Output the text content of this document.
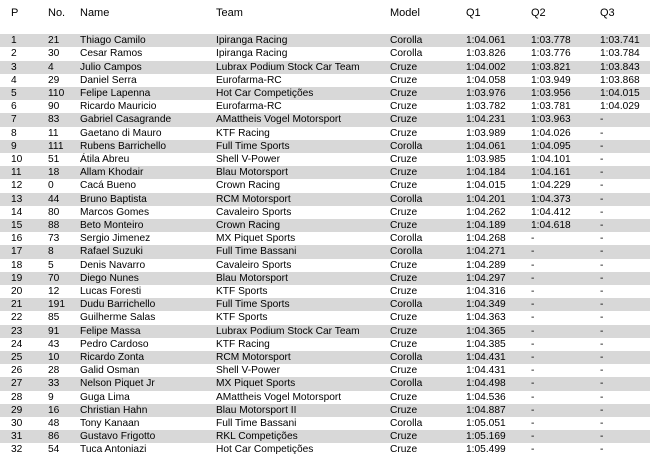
P	No. Name	Team	Model	Q1	Q2	Q3
1	21 Thiago Camilo	Ipiranga Racing	Corolla	1:04.061 1:03.778	1:03.741
2	30 Cesar Ramos	Ipiranga Racing	Corolla	1:03.826 1:03.776	1:03.784
3	4	Julio Campos	Lubrax Podium Stock Car Team	Cruze	1:04.002 1:03.821	1:03.843
4	29 Daniel Serra	Eurofarma-RC	Cruze	1:04.058 1:03.949	1:03.868
5	110 Felipe Lapenna	Hot Car Competições	Cruze	1:03.976 1:03.956	1:04.015
6	90 Ricardo Mauricio	Eurofarma-RC	Cruze	1:03.782 1:03.781	1:04.029
7	83 Gabriel Casagrande	AMattheis Vogel Motorsport	Cruze	1:04.231 1:03.963	-
8	11 Gaetano di Mauro	KTF Racing	Cruze	1:03.989 1:04.026	-
9	111 Rubens Barrichello	Full Time Sports	Corolla	1:04.061 1:04.095	-
10	51 Átila Abreu	Shell V-Power	Cruze	1:03.985 1:04.101	-
11	18 Allam Khodair	Blau Motorsport	Cruze	1:04.184 1:04.161	-
12	0	Cacá Bueno	Crown Racing	Cruze	1:04.015 1:04.229	-
13	44 Bruno Baptista	RCM Motorsport	Corolla	1:04.201 1:04.373	-
14	80 Marcos Gomes	Cavaleiro Sports	Cruze	1:04.262 1:04.412	-
15	88 Beto Monteiro	Crown Racing	Cruze	1:04.189 1:04.618	-
16	73 Sergio Jimenez	MX Piquet Sports	Corolla	1:04.268 -	-
17	8	Rafael Suzuki	Full Time Bassani	Corolla	1:04.271 -	-
18	5	Denis Navarro	Cavaleiro Sports	Cruze	1:04.289 -	-
19	70 Diego Nunes	Blau Motorsport	Cruze	1:04.297 -	-
20	12 Lucas Foresti	KTF Sports	Cruze	1:04.316 -	-
21	191 Dudu Barrichello	Full Time Sports	Corolla	1:04.349 -	-
22	85 Guilherme Salas	KTF Sports	Cruze	1:04.363 -	-
23	91 Felipe Massa	Lubrax Podium Stock Car Team	Cruze	1:04.365 -	-
24	43 Pedro Cardoso	KTF Racing	Cruze	1:04.385 -	-
25	10 Ricardo Zonta	RCM Motorsport	Corolla	1:04.431 -	-
26	28 Galid Osman	Shell V-Power	Cruze	1:04.431 -	-
27	33 Nelson Piquet Jr	MX Piquet Sports	Corolla	1:04.498 -	-
28	9	Guga Lima	AMattheis Vogel Motorsport	Cruze	1:04.536 -	-
29	16 Christian Hahn	Blau Motorsport II	Cruze	1:04.887 -	-
30	48 Tony Kanaan	Full Time Bassani	Corolla	1:05.051 -	-
31	86 Gustavo Frigotto	RKL Competições	Cruze	1:05.169 -	-
32	54 Tuca Antoniazi	Hot Car Competições	Cruze	1:05.499 -	-
